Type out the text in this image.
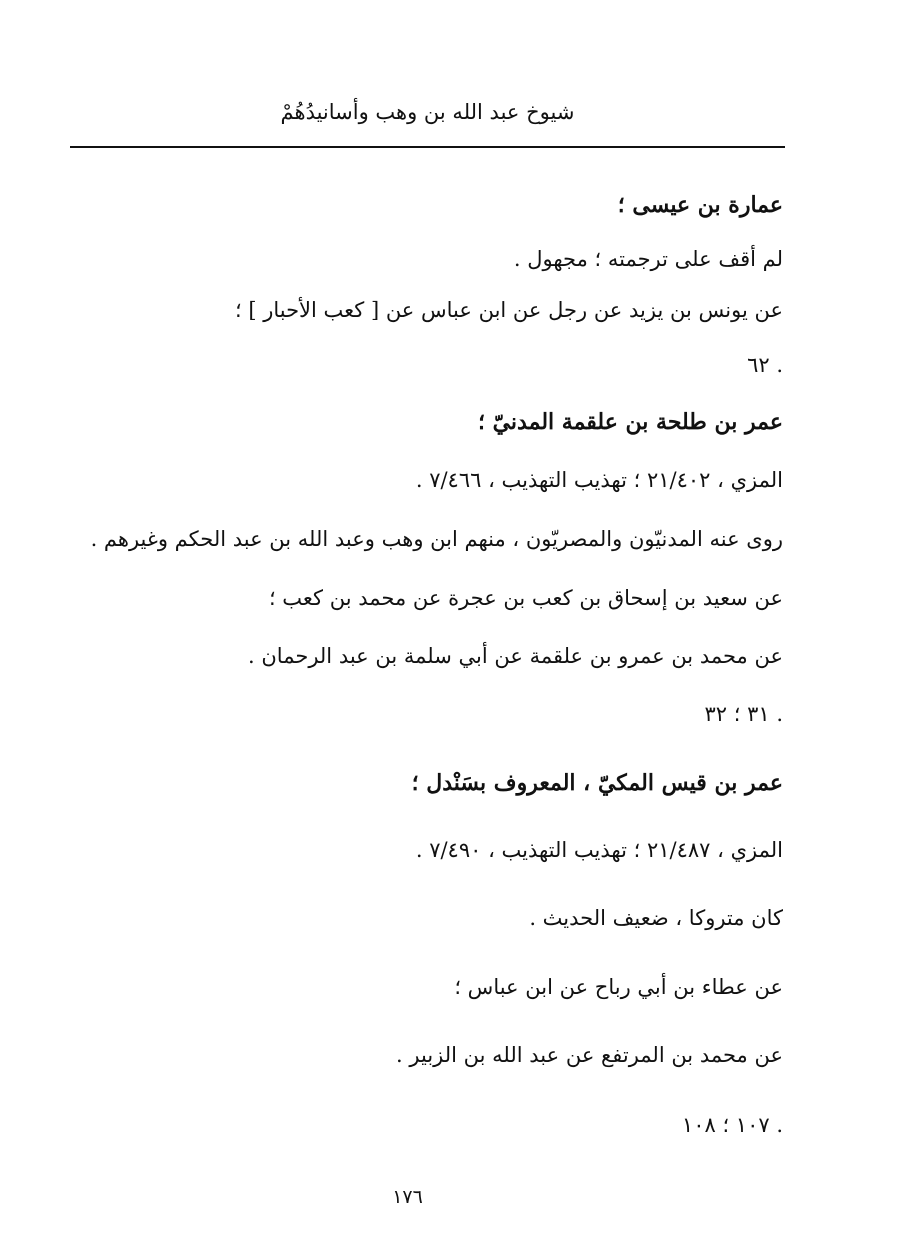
شيوخ عبد الله بن وهب وأسانيدُهُمْ
عمارة بن عيسى ؛
لم أقف على ترجمته ؛ مجهول .
عن يونس بن يزيد عن رجل عن ابن عباس عن [ كعب الأحبار ] ؛
. ٦٢
عمر بن طلحة بن علقمة المدنيّ ؛
المزي ، ٢١/٤٠٢ ؛ تهذيب التهذيب ، ٧/٤٦٦ .
روى عنه المدنيّون والمصريّون ، منهم ابن وهب وعبد الله بن عبد الحكم وغيرهم .
عن سعيد بن إسحاق بن كعب بن عجرة عن محمد بن كعب ؛
عن محمد بن عمرو بن علقمة عن أبي سلمة بن عبد الرحمان .
. ٣١ ؛ ٣٢
عمر بن قيس المكيّ ، المعروف بسَنْدل ؛
المزي ، ٢١/٤٨٧ ؛ تهذيب التهذيب ، ٧/٤٩٠ .
كان متروكا ، ضعيف الحديث .
عن عطاء بن أبي رباح عن ابن عباس ؛
عن محمد بن المرتفع عن عبد الله بن الزبير .
. ١٠٧ ؛ ١٠٨
١٧٦
